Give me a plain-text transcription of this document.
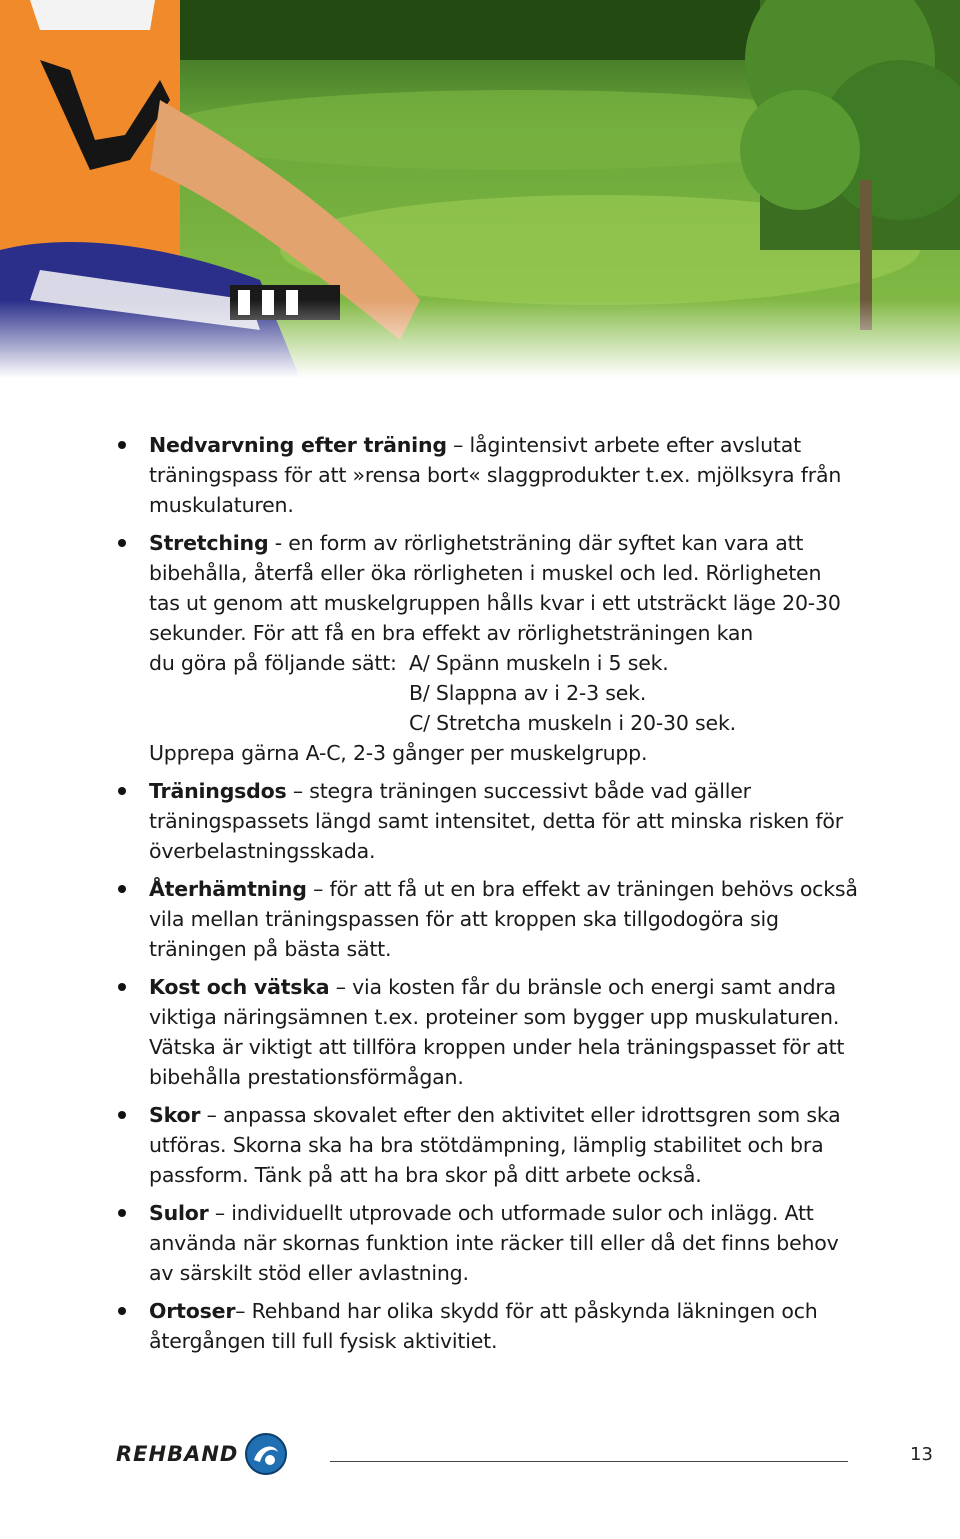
Nedvarvning efter träning – lågintensivt arbete efter avslutat träningspass för att »rensa bort« slaggprodukter t.ex. mjölksyra från muskulaturen.
Stretching - en form av rörlighetsträning där syftet kan vara att bibehålla, återfå eller öka rörligheten i muskel och led. Rörligheten tas ut genom att muskelgruppen hålls kvar i ett utsträckt läge 20-30 sekunder. För att få en bra effekt av rörlighetsträningen kan
du göra på följande sätt: A/ Spänn muskeln i 5 sek.
B/ Slappna av i 2-3 sek.
C/ Stretcha muskeln i 20-30 sek.
Upprepa gärna A-C, 2-3 gånger per muskelgrupp.
Träningsdos – stegra träningen successivt både vad gäller träningspassets längd samt intensitet, detta för att minska risken för överbelastningsskada.
Återhämtning – för att få ut en bra effekt av träningen behövs också vila mellan träningspassen för att kroppen ska tillgodogöra sig träningen på bästa sätt.
Kost och vätska – via kosten får du bränsle och energi samt andra viktiga näringsämnen t.ex. proteiner som bygger upp muskulaturen. Vätska är viktigt att tillföra kroppen under hela träningspasset för att bibehålla prestationsförmågan.
Skor – anpassa skovalet efter den aktivitet eller idrottsgren som ska utföras. Skorna ska ha bra stötdämpning, lämplig stabilitet och bra passform. Tänk på att ha bra skor på ditt arbete också.
Sulor – individuellt utprovade och utformade sulor och inlägg. Att använda när skornas funktion inte räcker till eller då det finns behov av särskilt stöd eller avlastning.
Ortoser– Rehband har olika skydd för att påskynda läkningen och återgången till full fysisk aktivitiet.
REHBAND	13
